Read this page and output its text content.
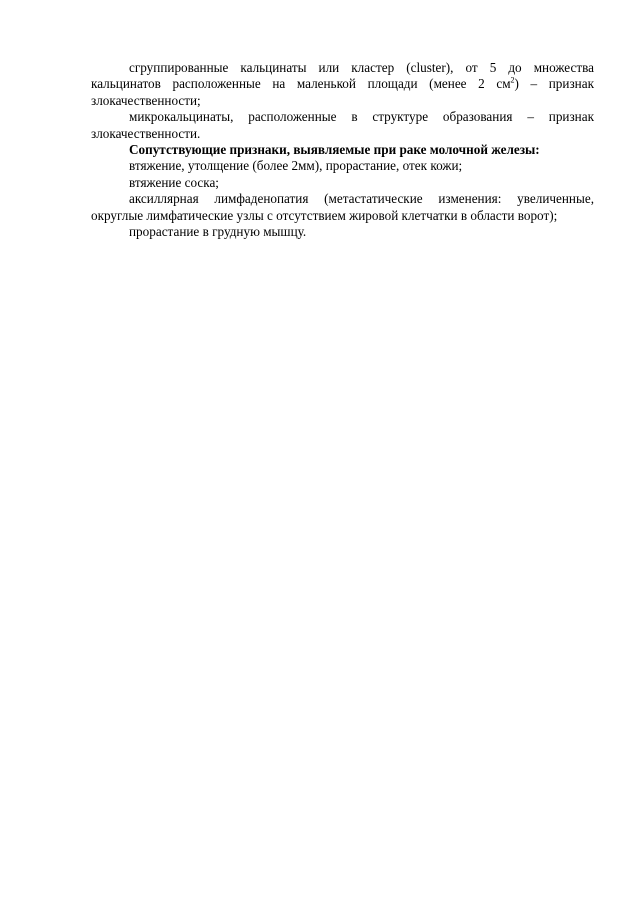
сгруппированные кальцинаты или кластер (cluster), от 5 до множества кальцинатов расположенные на маленькой площади (менее 2 $см^2$) – признак злокачественности;

микрокальцинаты, расположенные в структуре образования – признак злокачественности.

Сопутствующие признаки, выявляемые при раке молочной железы:

втяжение, утолщение (более 2мм), прорастание, отек кожи;

втяжение соска;

аксиллярная лимфаденопатия (метастатические изменения: увеличенные, округлые лимфатические узлы с отсутствием жировой клетчатки в области ворот);

прорастание в грудную мышцу.
